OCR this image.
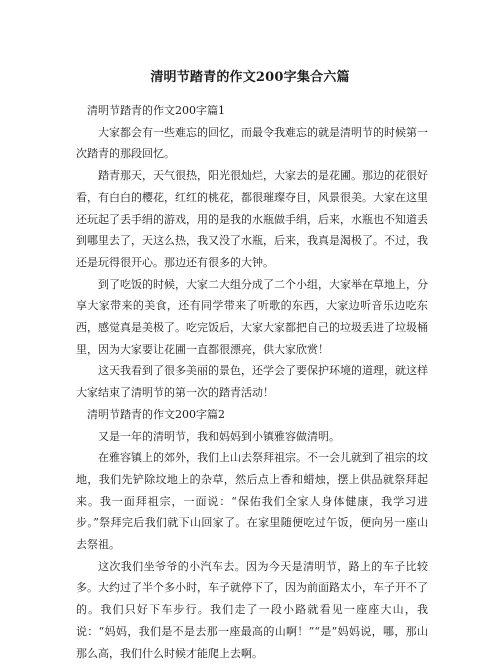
清明节踏青的作文200字集合六篇

清明节踏青的作文200字篇1

大家都会有一些难忘的回忆，而最令我难忘的就是清明节的时候第一次踏青的那段回忆。

踏青那天，天气很热，阳光很灿烂，大家去的是花圃。那边的花很好看，有白白的樱花，红红的桃花，都很璀璨夺目，风景很美。大家在这里还玩起了丢手绢的游戏，用的是我的水瓶做手绢，后来，水瓶也不知道丢到哪里去了，天这么热，我又没了水瓶，后来，我真是渴极了。不过，我还是玩得很开心。那边还有很多的大钟。

到了吃饭的时候，大家二大组分成了二个小组，大家举在草地上，分享大家带来的美食，还有同学带来了听歌的东西，大家边听音乐边吃东西，感觉真是美极了。吃完饭后，大家大家都把自己的垃圾丢进了垃圾桶里，因为大家要让花圃一直都很漂亮，供大家欣赏！

这天我看到了很多美丽的景色，还学会了要保护环境的道理，就这样大家结束了清明节的第一次的踏青活动！

清明节踏青的作文200字篇2

又是一年的清明节，我和妈妈到小镇雅容做清明。

在雅容镇上的郊外，我们上山去祭拜祖宗。不一会儿就到了祖宗的坟地，我们先铲除坟地上的杂草，然后点上香和蜡烛，摆上供品就祭拜起来。我一面拜祖宗，一面说：“保佑我们全家人身体健康，我学习进步。”祭拜完后我们就下山回家了。在家里随便吃过午饭，便向另一座山去祭祖。

这次我们坐爷爷的小汽车去。因为今天是清明节，路上的车子比较多。大约过了半个多小时，车子就停下了，因为前面路太小，车子开不了的。我们只好下车步行。我们走了一段小路就看见一座座大山，我说：“妈妈，我们是不是去那一座最高的山啊！”“是”妈妈说，哪，那山那么高，我们什么时候才能爬上去啊。
